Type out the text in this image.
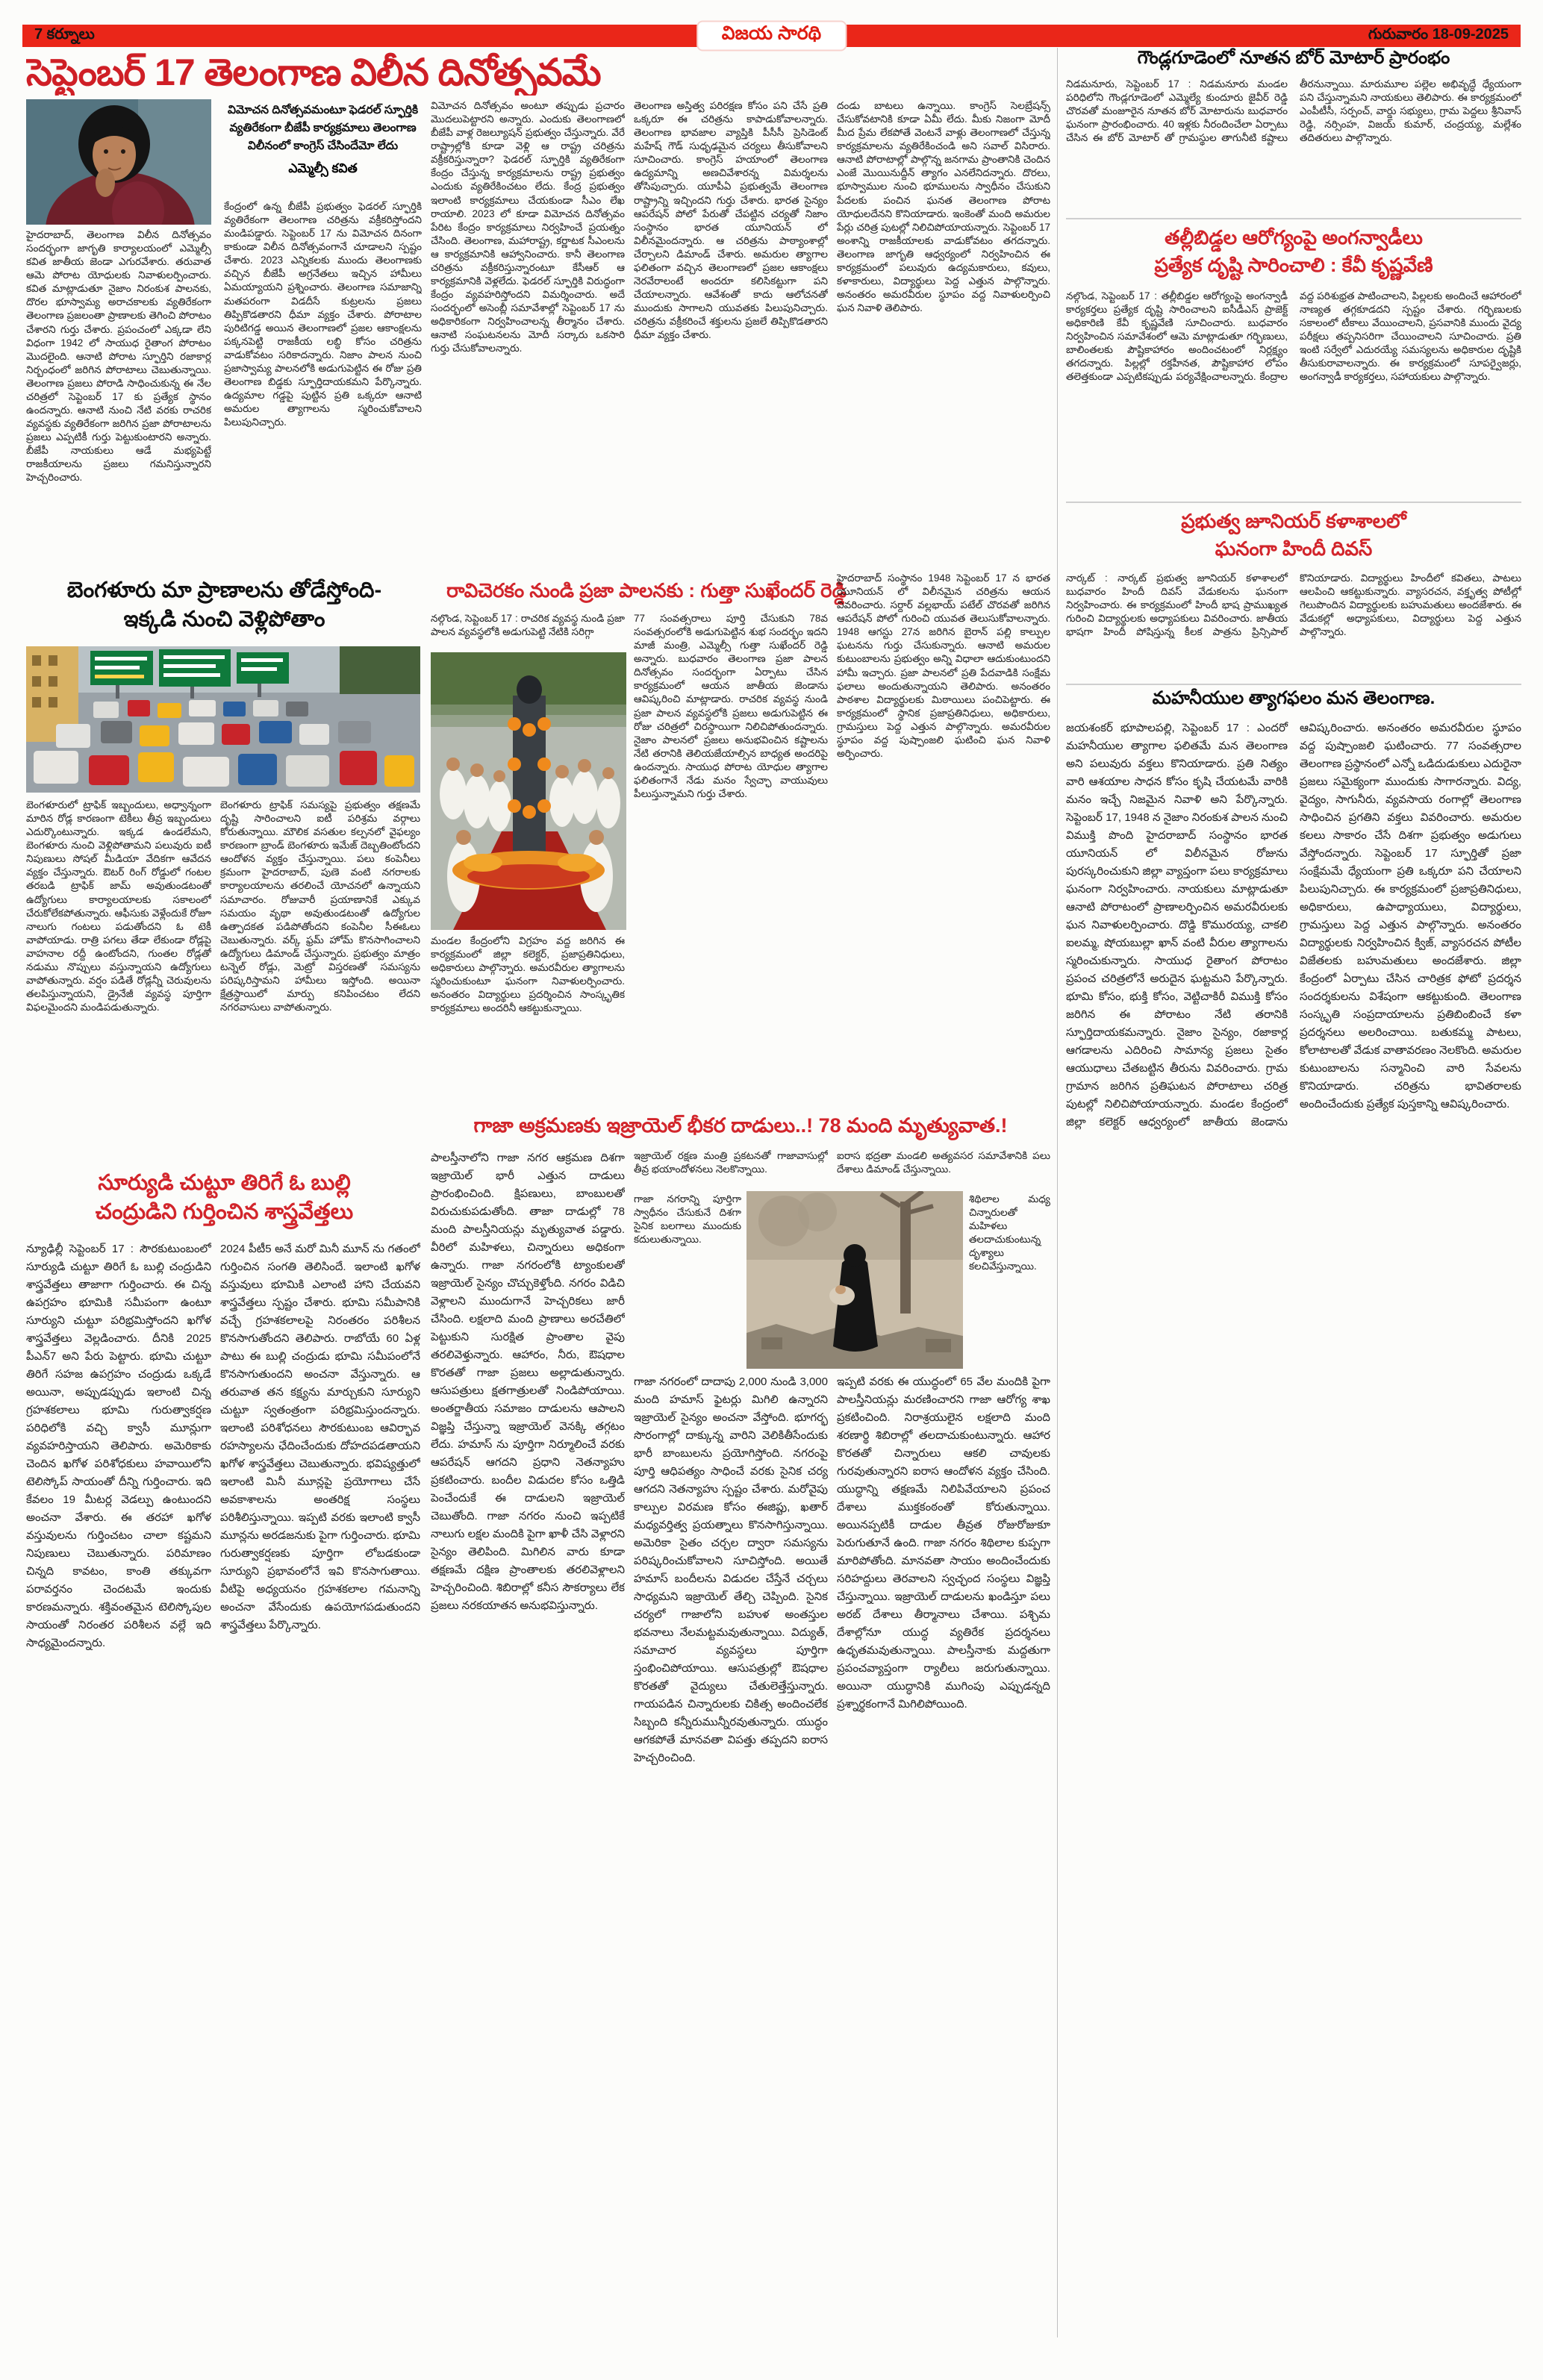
7 కర్నూలు	విజయ సారథి	గురువారం 18-09-2025
సెప్టెంబర్ 17 తెలంగాణ విలీన దినోత్సవమే
హైదరాబాద్, తెలంగాణ విలీన దినోత్సవం సందర్భంగా జాగృతి కార్యాలయంలో ఎమ్మెల్సీ కవిత జాతీయ జెండా ఎగురవేశారు. తరువాత ఆమె పోరాట యోధులకు నివాళులర్పించారు. కవిత మాట్లాడుతూ నైజాం నిరంకుశ పాలనకు, దొరల భూస్వామ్య అరాచకాలకు వ్యతిరేకంగా తెలంగాణ ప్రజలంతా ప్రాణాలకు తెగించి పోరాటం చేశారని గుర్తు చేశారు. ప్రపంచంలో ఎక్కడా లేని విధంగా 1942 లో సాయుధ రైతాంగ పోరాటం మొదలైంది. ఆనాటి పోరాట స్ఫూర్తిని రజాకార్ల నిర్బంధంలో జరిగిన పోరాటాలు చెబుతున్నాయి. తెలంగాణ ప్రజలు పోరాడి సాధించుకున్న ఈ నేల చరిత్రలో సెప్టెంబర్ 17 కు ప్రత్యేక స్థానం ఉందన్నారు. ఆనాటి నుంచి నేటి వరకు రాచరిక వ్యవస్థకు వ్యతిరేకంగా జరిగిన ప్రజా పోరాటాలను ప్రజలు ఎప్పటికీ గుర్తు పెట్టుకుంటారని అన్నారు. బీజేపీ నాయకులు ఆడే మభ్యపెట్టే రాజకీయాలను ప్రజలు గమనిస్తున్నారని హెచ్చరించారు.
విమోచన దినోత్సవమంటూ ఫెడరల్ స్ఫూర్తికి వ్యతిరేకంగా బీజేపీ కార్యక్రమాలు తెలంగాణ విలీనంలో కాంగ్రెస్ చేసిందేమో లేదు
ఎమ్మెల్సీ కవిత
కేంద్రంలో ఉన్న బీజేపీ ప్రభుత్వం ఫెడరల్ స్ఫూర్తికి వ్యతిరేకంగా తెలంగాణ చరిత్రను వక్రీకరిస్తోందని మండిపడ్డారు. సెప్టెంబర్ 17 ను విమోచన దినంగా కాకుండా విలీన దినోత్సవంగానే చూడాలని స్పష్టం చేశారు. 2023 ఎన్నికలకు ముందు తెలంగాణకు వచ్చిన బీజేపీ అగ్రనేతలు ఇచ్చిన హామీలు ఏమయ్యాయని ప్రశ్నించారు. తెలంగాణ సమాజాన్ని మతపరంగా విడదీసే కుట్రలను ప్రజలు తిప్పికొడతారని ధీమా వ్యక్తం చేశారు. పోరాటాల పురిటిగడ్డ అయిన తెలంగాణలో ప్రజల ఆకాంక్షలను పక్కనపెట్టి రాజకీయ లబ్ధి కోసం చరిత్రను వాడుకోవటం సరికాదన్నారు. నిజాం పాలన నుంచి ప్రజాస్వామ్య పాలనలోకి అడుగుపెట్టిన ఈ రోజు ప్రతి తెలంగాణ బిడ్డకు స్ఫూర్తిదాయకమని పేర్కొన్నారు. ఉద్యమాల గడ్డపై పుట్టిన ప్రతి ఒక్కరూ ఆనాటి అమరుల త్యాగాలను స్మరించుకోవాలని పిలుపునిచ్చారు.
విమోచన దినోత్సవం అంటూ తప్పుడు ప్రచారం మొదలుపెట్టారని అన్నారు. ఎందుకు తెలంగాణలో బీజేపీ వాళ్ల రెజల్యూషన్ ప్రభుత్వం చేస్తున్నారు. వేరే రాష్ట్రాల్లోకి కూడా వెళ్లి ఆ రాష్ట్ర చరిత్రను వక్రీకరిస్తున్నారా? ఫెడరల్ స్ఫూర్తికి వ్యతిరేకంగా కేంద్రం చేస్తున్న కార్యక్రమాలను రాష్ట్ర ప్రభుత్వం ఎందుకు వ్యతిరేకించటం లేదు. కేంద్ర ప్రభుత్వం ఇలాంటి కార్యక్రమాలు చేయకుండా సీఎం లేఖ రాయాలి. 2023 లో కూడా విమోచన దినోత్సవం పేరిట కేంద్రం కార్యక్రమాలు నిర్వహించే ప్రయత్నం చేసింది. తెలంగాణ, మహారాష్ట్ర, కర్ణాటక సీఎంలను ఆ కార్యక్రమానికి ఆహ్వానించారు. కానీ తెలంగాణ చరిత్రను వక్రీకరిస్తున్నారంటూ కేసీఆర్ ఆ కార్యక్రమానికి వెళ్లలేదు. ఫెడరల్ స్ఫూర్తికి విరుద్ధంగా కేంద్రం వ్యవహరిస్తోందని విమర్శించారు. అదే సందర్భంలో అసెంబ్లీ సమావేశాల్లో సెప్టెంబర్ 17 ను అధికారికంగా నిర్వహించాలన్న తీర్మానం చేశారు. ఆనాటి సంఘటనలను మోదీ సర్కారు ఒకసారి గుర్తు చేసుకోవాలన్నారు.
తెలంగాణ అస్తిత్వ పరిరక్షణ కోసం పని చేసే ప్రతి ఒక్కరూ ఈ చరిత్రను కాపాడుకోవాలన్నారు. తెలంగాణ భావజాల వ్యాప్తికి పీసీసీ ప్రెసిడెంట్ మహేష్ గౌడ్ సుధృఢమైన చర్యలు తీసుకోవాలని సూచించారు. కాంగ్రెస్ హయాంలో తెలంగాణ ఉద్యమాన్ని అణచివేశారన్న విమర్శలను తోసిపుచ్చారు. యూపీఏ ప్రభుత్వమే తెలంగాణ రాష్ట్రాన్ని ఇచ్చిందని గుర్తు చేశారు. భారత సైన్యం ఆపరేషన్ పోలో పేరుతో చేపట్టిన చర్యతో నిజాం సంస్థానం భారత యూనియన్ లో విలీనమైందన్నారు. ఆ చరిత్రను పాఠ్యాంశాల్లో చేర్చాలని డిమాండ్ చేశారు. అమరుల త్యాగాల ఫలితంగా వచ్చిన తెలంగాణలో ప్రజల ఆకాంక్షలు నెరవేరాలంటే అందరూ కలిసికట్టుగా పని చేయాలన్నారు. ఆవేశంతో కాదు ఆలోచనతో ముందుకు సాగాలని యువతకు పిలుపునిచ్చారు. చరిత్రను వక్రీకరించే శక్తులను ప్రజలే తిప్పికొడతారని ధీమా వ్యక్తం చేశారు.
దండు బాటలు ఉన్నాయి. కాంగ్రెస్ సెలబ్రేషన్స్ చేసుకోవటానికి కూడా ఏమీ లేదు. మీకు నిజంగా మోదీ మీద ప్రేమ లేకపోతే వెంటనే వాళ్లు తెలంగాణలో చేస్తున్న కార్యక్రమాలను వ్యతిరేకించండి అని సవాల్ విసిరారు. ఆనాటి పోరాటాల్లో పాల్గొన్న జనగామ ప్రాంతానికి చెందిన ఎంజే మొయినుద్దీన్ త్యాగం ఎనలేనిదన్నారు. దొరలు, భూస్వాముల నుంచి భూములను స్వాధీనం చేసుకుని పేదలకు పంచిన ఘనత తెలంగాణ పోరాట యోధులదేనని కొనియాడారు. ఇంకెంతో మంది అమరుల పేర్లు చరిత్ర పుటల్లో నిలిచిపోయాయన్నారు. సెప్టెంబర్ 17 అంశాన్ని రాజకీయాలకు వాడుకోవటం తగదన్నారు. తెలంగాణ జాగృతి ఆధ్వర్యంలో నిర్వహించిన ఈ కార్యక్రమంలో పలువురు ఉద్యమకారులు, కవులు, కళాకారులు, విద్యార్థులు పెద్ద ఎత్తున పాల్గొన్నారు. అనంతరం అమరవీరుల స్థూపం వద్ద నివాళులర్పించి ఘన నివాళి తెలిపారు.
బెంగళూరు మా ప్రాణాలను తోడేస్తోంది-
ఇక్కడి నుంచి వెళ్లిపోతాం
బెంగళూరులో ట్రాఫిక్ ఇబ్బందులు, అధ్వాన్నంగా మారిన రోడ్ల కారణంగా టెకీలు తీవ్ర ఇబ్బందులు ఎదుర్కొంటున్నారు. ఇక్కడ ఉండలేమని, బెంగళూరు నుంచి వెళ్లిపోతామని పలువురు ఐటీ నిపుణులు సోషల్ మీడియా వేదికగా ఆవేదన వ్యక్తం చేస్తున్నారు. ఔటర్ రింగ్ రోడ్డులో గంటల తరబడి ట్రాఫిక్ జామ్ అవుతుండటంతో ఉద్యోగులు కార్యాలయాలకు సకాలంలో చేరుకోలేకపోతున్నారు. ఆఫీసుకు వెళ్లేందుకే రోజూ నాలుగు గంటలు పడుతోందని ఓ టెకీ వాపోయాడు. రాత్రి పగలు తేడా లేకుండా రోడ్లపై వాహనాల రద్దీ ఉంటోందని, గుంతల రోడ్లతో నడుము నొప్పులు వస్తున్నాయని ఉద్యోగులు వాపోతున్నారు. వర్షం పడితే రోడ్లన్నీ చెరువులను తలపిస్తున్నాయని, డ్రైనేజీ వ్యవస్థ పూర్తిగా విఫలమైందని మండిపడుతున్నారు.
బెంగళూరు ట్రాఫిక్ సమస్యపై ప్రభుత్వం తక్షణమే దృష్టి సారించాలని ఐటీ పరిశ్రమ వర్గాలు కోరుతున్నాయి. మౌలిక వసతుల కల్పనలో వైఫల్యం కారణంగా బ్రాండ్ బెంగళూరు ఇమేజ్ దెబ్బతింటోందని ఆందోళన వ్యక్తం చేస్తున్నాయి. పలు కంపెనీలు క్రమంగా హైదరాబాద్, పుణె వంటి నగరాలకు కార్యాలయాలను తరలించే యోచనలో ఉన్నాయని సమాచారం. రోజువారీ ప్రయాణానికే ఎక్కువ సమయం వృథా అవుతుండటంతో ఉద్యోగుల ఉత్పాదకత పడిపోతోందని కంపెనీల సీఈఓలు చెబుతున్నారు. వర్క్ ఫ్రమ్ హోమ్ కొనసాగించాలని ఉద్యోగులు డిమాండ్ చేస్తున్నారు. ప్రభుత్వం మాత్రం టన్నెల్ రోడ్లు, మెట్రో విస్తరణతో సమస్యను పరిష్కరిస్తామని హామీలు ఇస్తోంది. అయినా క్షేత్రస్థాయిలో మార్పు కనిపించటం లేదని నగరవాసులు వాపోతున్నారు.
రావిచెరకం నుండి ప్రజా పాలనకు : గుత్తా సుఖేందర్ రెడ్డి
నల్గొండ, సెప్టెంబర్ 17 : రాచరిక వ్యవస్థ నుండి ప్రజా పాలన వ్యవస్థలోకి అడుగుపెట్టి నేటికి సరిగ్గా
మండల కేంద్రంలోని విగ్రహం వద్ద జరిగిన ఈ కార్యక్రమంలో జిల్లా కలెక్టర్, ప్రజాప్రతినిధులు, అధికారులు పాల్గొన్నారు. అమరవీరుల త్యాగాలను స్మరించుకుంటూ ఘనంగా నివాళులర్పించారు. అనంతరం విద్యార్థులు ప్రదర్శించిన సాంస్కృతిక కార్యక్రమాలు అందరినీ ఆకట్టుకున్నాయి.
77 సంవత్సరాలు పూర్తి చేసుకుని 78వ సంవత్సరంలోకి అడుగుపెట్టిన శుభ సందర్భం ఇదని మాజీ మంత్రి, ఎమ్మెల్సీ గుత్తా సుఖేందర్ రెడ్డి అన్నారు. బుధవారం తెలంగాణ ప్రజా పాలన దినోత్సవం సందర్భంగా ఏర్పాటు చేసిన కార్యక్రమంలో ఆయన జాతీయ జెండాను ఆవిష్కరించి మాట్లాడారు. రాచరిక వ్యవస్థ నుండి ప్రజా పాలన వ్యవస్థలోకి ప్రజలు అడుగుపెట్టిన ఈ రోజు చరిత్రలో చిరస్థాయిగా నిలిచిపోతుందన్నారు. నైజాం పాలనలో ప్రజలు అనుభవించిన కష్టాలను నేటి తరానికి తెలియజేయాల్సిన బాధ్యత అందరిపై ఉందన్నారు. సాయుధ పోరాట యోధుల త్యాగాల ఫలితంగానే నేడు మనం స్వేచ్ఛా వాయువులు పీలుస్తున్నామని గుర్తు చేశారు.
హైదరాబాద్ సంస్థానం 1948 సెప్టెంబర్ 17 న భారత యూనియన్ లో విలీనమైన చరిత్రను ఆయన వివరించారు. సర్దార్ వల్లభాయ్ పటేల్ చొరవతో జరిగిన ఆపరేషన్ పోలో గురించి యువత తెలుసుకోవాలన్నారు. 1948 ఆగస్టు 27న జరిగిన బైరాన్ పల్లి కాల్పుల ఘటనను గుర్తు చేసుకున్నారు. ఆనాటి అమరుల కుటుంబాలను ప్రభుత్వం అన్ని విధాలా ఆదుకుంటుందని హామీ ఇచ్చారు. ప్రజా పాలనలో ప్రతి పేదవాడికి సంక్షేమ ఫలాలు అందుతున్నాయని తెలిపారు. అనంతరం పాఠశాల విద్యార్థులకు మిఠాయిలు పంచిపెట్టారు. ఈ కార్యక్రమంలో స్థానిక ప్రజాప్రతినిధులు, అధికారులు, గ్రామస్తులు పెద్ద ఎత్తున పాల్గొన్నారు. అమరవీరుల స్థూపం వద్ద పుష్పాంజలి ఘటించి ఘన నివాళి అర్పించారు.
గాజా అక్రమణకు ఇజ్రాయెల్ భీకర దాడులు..! 78 మంది మృత్యువాత.!
పాలస్తీనాలోని గాజా నగర ఆక్రమణ దిశగా ఇజ్రాయెల్ భారీ ఎత్తున దాడులు ప్రారంభించింది. క్షిపణులు, బాంబులతో విరుచుకుపడుతోంది. తాజా దాడుల్లో 78 మంది పాలస్తీనియన్లు మృత్యువాత పడ్డారు. వీరిలో మహిళలు, చిన్నారులు అధికంగా ఉన్నారు. గాజా నగరంలోకి ట్యాంకులతో ఇజ్రాయెల్ సైన్యం చొచ్చుకెళ్తోంది. నగరం విడిచి వెళ్లాలని ముందుగానే హెచ్చరికలు జారీ చేసింది. లక్షలాది మంది ప్రాణాలు అరచేతిలో పెట్టుకుని సురక్షిత ప్రాంతాల వైపు తరలివెళ్తున్నారు. ఆహారం, నీరు, ఔషధాల కొరతతో గాజా ప్రజలు అల్లాడుతున్నారు. ఆసుపత్రులు క్షతగాత్రులతో నిండిపోయాయి. అంతర్జాతీయ సమాజం దాడులను ఆపాలని విజ్ఞప్తి చేస్తున్నా ఇజ్రాయెల్ వెనక్కి తగ్గటం లేదు. హమాస్ ను పూర్తిగా నిర్మూలించే వరకు ఆపరేషన్ ఆగదని ప్రధాని నెతన్యాహు ప్రకటించారు. బందీల విడుదల కోసం ఒత్తిడి పెంచేందుకే ఈ దాడులని ఇజ్రాయెల్ చెబుతోంది. గాజా నగరం నుంచి ఇప్పటికే నాలుగు లక్షల మందికి పైగా ఖాళీ చేసి వెళ్లారని సైన్యం తెలిపింది. మిగిలిన వారు కూడా తక్షణమే దక్షిణ ప్రాంతాలకు తరలివెళ్లాలని హెచ్చరించింది. శిబిరాల్లో కనీస సౌకర్యాలు లేక ప్రజలు నరకయాతన అనుభవిస్తున్నారు.
ఇజ్రాయెల్ రక్షణ మంత్రి ప్రకటనతో గాజావాసుల్లో తీవ్ర భయాందోళనలు నెలకొన్నాయి.
ఐరాస భద్రతా మండలి అత్యవసర సమావేశానికి పలు దేశాలు డిమాండ్ చేస్తున్నాయి.
గాజా నగరాన్ని పూర్తిగా స్వాధీనం చేసుకునే దిశగా సైనిక బలగాలు ముందుకు కదులుతున్నాయి.
శిథిలాల మధ్య చిన్నారులతో మహిళలు తలదాచుకుంటున్న దృశ్యాలు కలచివేస్తున్నాయి.
గాజా నగరంలో దాదాపు 2,000 నుండి 3,000 మంది హమాస్ ఫైటర్లు మిగిలి ఉన్నారని ఇజ్రాయెల్ సైన్యం అంచనా వేస్తోంది. భూగర్భ సొరంగాల్లో దాక్కున్న వారిని వెలికితీసేందుకు భారీ బాంబులను ప్రయోగిస్తోంది. నగరంపై పూర్తి ఆధిపత్యం సాధించే వరకు సైనిక చర్య ఆగదని నెతన్యాహు స్పష్టం చేశారు. మరోవైపు కాల్పుల విరమణ కోసం ఈజిప్టు, ఖతార్ మధ్యవర్తిత్వ ప్రయత్నాలు కొనసాగిస్తున్నాయి. అమెరికా సైతం చర్చల ద్వారా సమస్యను పరిష్కరించుకోవాలని సూచిస్తోంది. అయితే హమాస్ బందీలను విడుదల చేస్తేనే చర్చలు సాధ్యమని ఇజ్రాయెల్ తేల్చి చెప్పింది. సైనిక చర్యలో గాజాలోని బహుళ అంతస్తుల భవనాలు నేలమట్టమవుతున్నాయి. విద్యుత్, సమాచార వ్యవస్థలు పూర్తిగా స్తంభించిపోయాయి. ఆసుపత్రుల్లో ఔషధాల కొరతతో వైద్యులు చేతులెత్తేస్తున్నారు. గాయపడిన చిన్నారులకు చికిత్స అందించలేక సిబ్బంది కన్నీరుమున్నీరవుతున్నారు. యుద్ధం ఆగకపోతే మానవతా విపత్తు తప్పదని ఐరాస హెచ్చరించింది.
ఇప్పటి వరకు ఈ యుద్ధంలో 65 వేల మందికి పైగా పాలస్తీనియన్లు మరణించారని గాజా ఆరోగ్య శాఖ ప్రకటించింది. నిరాశ్రయులైన లక్షలాది మంది శరణార్థి శిబిరాల్లో తలదాచుకుంటున్నారు. ఆహార కొరతతో చిన్నారులు ఆకలి చావులకు గురవుతున్నారని ఐరాస ఆందోళన వ్యక్తం చేసింది. యుద్ధాన్ని తక్షణమే నిలిపివేయాలని ప్రపంచ దేశాలు ముక్తకంఠంతో కోరుతున్నాయి. అయినప్పటికీ దాడుల తీవ్రత రోజురోజుకూ పెరుగుతూనే ఉంది. గాజా నగరం శిథిలాల కుప్పగా మారిపోతోంది. మానవతా సాయం అందించేందుకు సరిహద్దులు తెరవాలని స్వచ్ఛంద సంస్థలు విజ్ఞప్తి చేస్తున్నాయి. ఇజ్రాయెల్ దాడులను ఖండిస్తూ పలు అరబ్ దేశాలు తీర్మానాలు చేశాయి. పశ్చిమ దేశాల్లోనూ యుద్ధ వ్యతిరేక ప్రదర్శనలు ఉధృతమవుతున్నాయి. పాలస్తీనాకు మద్దతుగా ప్రపంచవ్యాప్తంగా ర్యాలీలు జరుగుతున్నాయి. అయినా యుద్ధానికి ముగింపు ఎప్పుడన్నది ప్రశ్నార్థకంగానే మిగిలిపోయింది.
సూర్యుడి చుట్టూ తిరిగే ఓ బుల్లి
చంద్రుడిని గుర్తించిన శాస్త్రవేత్తలు
న్యూఢిల్లీ సెప్టెంబర్ 17 : సౌరకుటుంబంలో సూర్యుడి చుట్టూ తిరిగే ఓ బుల్లి చంద్రుడిని శాస్త్రవేత్తలు తాజాగా గుర్తించారు. ఈ చిన్న ఉపగ్రహం భూమికి సమీపంగా ఉంటూ సూర్యుని చుట్టూ పరిభ్రమిస్తోందని ఖగోళ శాస్త్రవేత్తలు వెల్లడించారు. దీనికి 2025 పీఎన్7 అని పేరు పెట్టారు. భూమి చుట్టూ తిరిగే సహజ ఉపగ్రహం చంద్రుడు ఒక్కడే అయినా, అప్పుడప్పుడు ఇలాంటి చిన్న గ్రహశకలాలు భూమి గురుత్వాకర్షణ పరిధిలోకి వచ్చి క్వాసీ మూన్లుగా వ్యవహరిస్తాయని తెలిపారు. అమెరికాకు చెందిన ఖగోళ పరిశోధకులు హవాయిలోని టెలిస్కోప్ సాయంతో దీన్ని గుర్తించారు. ఇది కేవలం 19 మీటర్ల వెడల్పు ఉంటుందని అంచనా వేశారు. ఈ తరహా ఖగోళ వస్తువులను గుర్తించటం చాలా కష్టమని నిపుణులు చెబుతున్నారు. పరిమాణం చిన్నది కావటం, కాంతి తక్కువగా పరావర్తనం చెందటమే ఇందుకు కారణమన్నారు. శక్తివంతమైన టెలిస్కోపుల సాయంతో నిరంతర పరిశీలన వల్లే ఇది సాధ్యమైందన్నారు.
2024 పీటీ5 అనే మరో మినీ మూన్ ను గతంలో గుర్తించిన సంగతి తెలిసిందే. ఇలాంటి ఖగోళ వస్తువులు భూమికి ఎలాంటి హాని చేయవని శాస్త్రవేత్తలు స్పష్టం చేశారు. భూమి సమీపానికి వచ్చే గ్రహశకలాలపై నిరంతరం పరిశీలన కొనసాగుతోందని తెలిపారు. రాబోయే 60 ఏళ్ల పాటు ఈ బుల్లి చంద్రుడు భూమి సమీపంలోనే కొనసాగుతుందని అంచనా వేస్తున్నారు. ఆ తరువాత తన కక్ష్యను మార్చుకుని సూర్యుని చుట్టూ స్వతంత్రంగా పరిభ్రమిస్తుందన్నారు. ఇలాంటి పరిశోధనలు సౌరకుటుంబ ఆవిర్భావ రహస్యాలను ఛేదించేందుకు దోహదపడతాయని ఖగోళ శాస్త్రవేత్తలు చెబుతున్నారు. భవిష్యత్తులో ఇలాంటి మినీ మూన్లపై ప్రయోగాలు చేసే అవకాశాలను అంతరిక్ష సంస్థలు పరిశీలిస్తున్నాయి. ఇప్పటి వరకు ఇలాంటి క్వాసీ మూన్లను అరడజనుకు పైగా గుర్తించారు. భూమి గురుత్వాకర్షణకు పూర్తిగా లోబడకుండా సూర్యుని ప్రభావంలోనే ఇవి కొనసాగుతాయి. వీటిపై అధ్యయనం గ్రహశకలాల గమనాన్ని అంచనా వేసేందుకు ఉపయోగపడుతుందని శాస్త్రవేత్తలు పేర్కొన్నారు.
గౌండ్లగూడెంలో నూతన బోర్ మోటార్ ప్రారంభం
నిడమనూరు, సెప్టెంబర్ 17 : నిడమనూరు మండల పరిధిలోని గౌండ్లగూడెంలో ఎమ్మెల్యే కుందూరు జైవీర్ రెడ్డి చొరవతో మంజూరైన నూతన బోర్ మోటారును బుధవారం ఘనంగా ప్రారంభించారు. 40 ఇళ్లకు నీరందించేలా ఏర్పాటు చేసిన ఈ బోర్ మోటార్ తో గ్రామస్థుల తాగునీటి కష్టాలు తీరనున్నాయి. మారుమూల పల్లెల అభివృద్ధే ధ్యేయంగా పని చేస్తున్నామని నాయకులు తెలిపారు. ఈ కార్యక్రమంలో ఎంపీటీసీ, సర్పంచ్, వార్డు సభ్యులు, గ్రామ పెద్దలు శ్రీనివాస్ రెడ్డి, నర్సింహ, విజయ్ కుమార్, చంద్రయ్య, మల్లేశం తదితరులు పాల్గొన్నారు.
తల్లీబిడ్డల ఆరోగ్యంపై అంగన్వాడీలు
ప్రత్యేక దృష్టి సారించాలి : కేవీ కృష్ణవేణి
నల్గొండ, సెప్టెంబర్ 17 : తల్లీబిడ్డల ఆరోగ్యంపై అంగన్వాడీ కార్యకర్తలు ప్రత్యేక దృష్టి సారించాలని ఐసీడీఎస్ ప్రాజెక్ట్ అధికారిణి కేవీ కృష్ణవేణి సూచించారు. బుధవారం నిర్వహించిన సమావేశంలో ఆమె మాట్లాడుతూ గర్భిణులు, బాలింతలకు పౌష్టికాహారం అందించటంలో నిర్లక్ష్యం తగదన్నారు. పిల్లల్లో రక్తహీనత, పౌష్టికాహార లోపం తలెత్తకుండా ఎప్పటికప్పుడు పర్యవేక్షించాలన్నారు. కేంద్రాల వద్ద పరిశుభ్రత పాటించాలని, పిల్లలకు అందించే ఆహారంలో నాణ్యత తగ్గకూడదని స్పష్టం చేశారు. గర్భిణులకు సకాలంలో టీకాలు వేయించాలని, ప్రసవానికి ముందు వైద్య పరీక్షలు తప్పనిసరిగా చేయించాలని సూచించారు. ప్రతి ఇంటి సర్వేలో ఎదురయ్యే సమస్యలను అధికారుల దృష్టికి తీసుకురావాలన్నారు. ఈ కార్యక్రమంలో సూపర్వైజర్లు, అంగన్వాడీ కార్యకర్తలు, సహాయకులు పాల్గొన్నారు.
ప్రభుత్వ జూనియర్ కళాశాలలో
ఘనంగా హిందీ దివస్
నార్కట్ : నార్కట్ ప్రభుత్వ జూనియర్ కళాశాలలో బుధవారం హిందీ దివస్ వేడుకలను ఘనంగా నిర్వహించారు. ఈ కార్యక్రమంలో హిందీ భాష ప్రాముఖ్యత గురించి విద్యార్థులకు అధ్యాపకులు వివరించారు. జాతీయ భాషగా హిందీ పోషిస్తున్న కీలక పాత్రను ప్రిన్సిపాల్ కొనియాడారు. విద్యార్థులు హిందీలో కవితలు, పాటలు ఆలపించి ఆకట్టుకున్నారు. వ్యాసరచన, వక్తృత్వ పోటీల్లో గెలుపొందిన విద్యార్థులకు బహుమతులు అందజేశారు. ఈ వేడుకల్లో అధ్యాపకులు, విద్యార్థులు పెద్ద ఎత్తున పాల్గొన్నారు.
మహనీయుల త్యాగఫలం మన తెలంగాణ.
జయశంకర్ భూపాలపల్లి, సెప్టెంబర్ 17 : ఎందరో మహనీయుల త్యాగాల ఫలితమే మన తెలంగాణ అని పలువురు వక్తలు కొనియాడారు. ప్రతి నిత్యం వారి ఆశయాల సాధన కోసం కృషి చేయటమే వారికి మనం ఇచ్చే నిజమైన నివాళి అని పేర్కొన్నారు. సెప్టెంబర్ 17, 1948 న నైజాం నిరంకుశ పాలన నుంచి విముక్తి పొంది హైదరాబాద్ సంస్థానం భారత యూనియన్ లో విలీనమైన రోజును పురస్కరించుకుని జిల్లా వ్యాప్తంగా పలు కార్యక్రమాలు ఘనంగా నిర్వహించారు. నాయకులు మాట్లాడుతూ ఆనాటి పోరాటంలో ప్రాణాలర్పించిన అమరవీరులకు ఘన నివాళులర్పించారు. దొడ్డి కొమురయ్య, చాకలి ఐలమ్మ, షోయబుల్లా ఖాన్ వంటి వీరుల త్యాగాలను స్మరించుకున్నారు. సాయుధ రైతాంగ పోరాటం ప్రపంచ చరిత్రలోనే అరుదైన ఘట్టమని పేర్కొన్నారు. భూమి కోసం, భుక్తి కోసం, వెట్టిచాకిరీ విముక్తి కోసం జరిగిన ఈ పోరాటం నేటి తరానికి స్ఫూర్తిదాయకమన్నారు. నైజాం సైన్యం, రజాకార్ల ఆగడాలను ఎదిరించి సామాన్య ప్రజలు సైతం ఆయుధాలు చేతబట్టిన తీరును వివరించారు. గ్రామ గ్రామాన జరిగిన ప్రతిఘటన పోరాటాలు చరిత్ర పుటల్లో నిలిచిపోయాయన్నారు. మండల కేంద్రంలో జిల్లా కలెక్టర్ ఆధ్వర్యంలో జాతీయ జెండాను ఆవిష్కరించారు. అనంతరం అమరవీరుల స్థూపం వద్ద పుష్పాంజలి ఘటించారు. 77 సంవత్సరాల తెలంగాణ ప్రస్థానంలో ఎన్నో ఒడిదుడుకులు ఎదురైనా ప్రజలు సమైక్యంగా ముందుకు సాగారన్నారు. విద్య, వైద్యం, సాగునీరు, వ్యవసాయ రంగాల్లో తెలంగాణ సాధించిన ప్రగతిని వక్తలు వివరించారు. అమరుల కలలు సాకారం చేసే దిశగా ప్రభుత్వం అడుగులు వేస్తోందన్నారు. సెప్టెంబర్ 17 స్ఫూర్తితో ప్రజా సంక్షేమమే ధ్యేయంగా ప్రతి ఒక్కరూ పని చేయాలని పిలుపునిచ్చారు. ఈ కార్యక్రమంలో ప్రజాప్రతినిధులు, అధికారులు, ఉపాధ్యాయులు, విద్యార్థులు, గ్రామస్తులు పెద్ద ఎత్తున పాల్గొన్నారు. అనంతరం విద్యార్థులకు నిర్వహించిన క్విజ్, వ్యాసరచన పోటీల విజేతలకు బహుమతులు అందజేశారు. జిల్లా కేంద్రంలో ఏర్పాటు చేసిన చారిత్రక ఫోటో ప్రదర్శన సందర్శకులను విశేషంగా ఆకట్టుకుంది. తెలంగాణ సంస్కృతి సంప్రదాయాలను ప్రతిబింబించే కళా ప్రదర్శనలు అలరించాయి. బతుకమ్మ పాటలు, కోలాటాలతో వేడుక వాతావరణం నెలకొంది. అమరుల కుటుంబాలను సన్మానించి వారి సేవలను కొనియాడారు. చరిత్రను భావితరాలకు అందించేందుకు ప్రత్యేక పుస్తకాన్ని ఆవిష్కరించారు.
